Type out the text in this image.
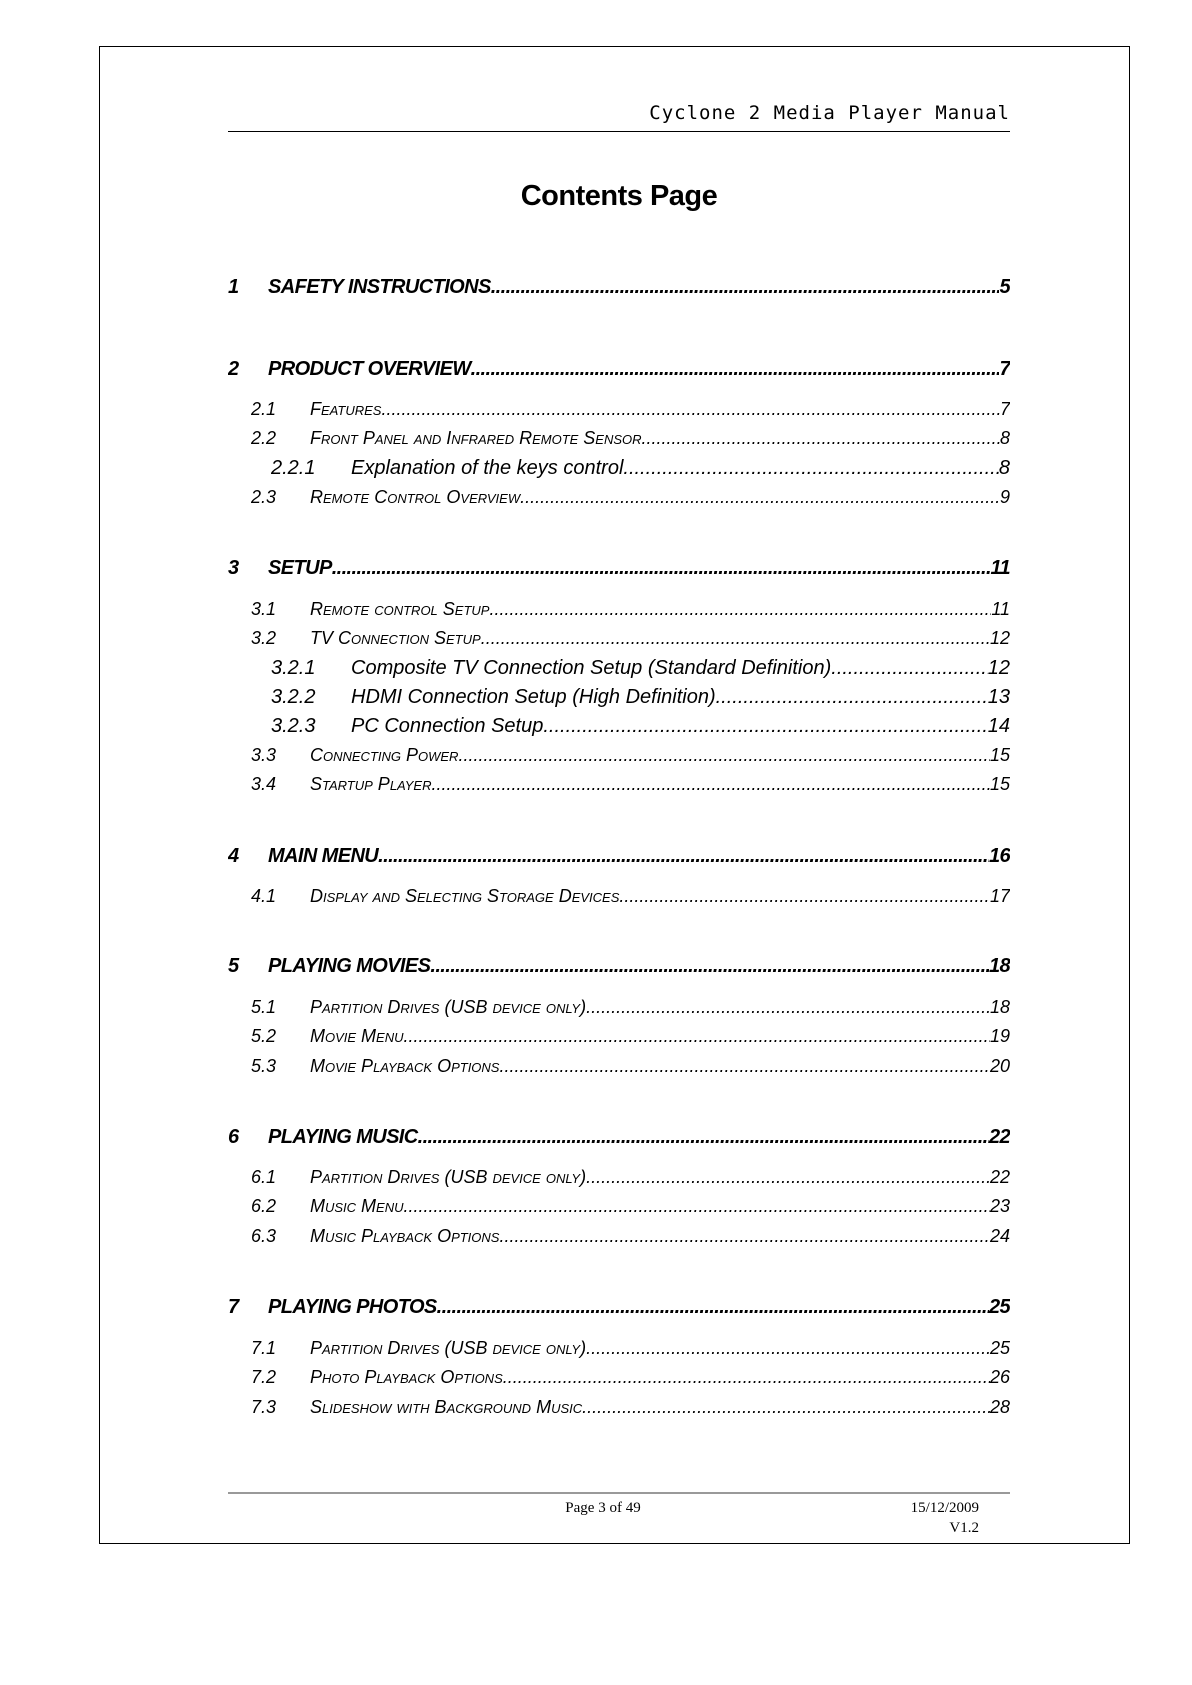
Cyclone 2 Media Player Manual
Contents Page
1	SAFETY INSTRUCTIONS .....	5
2	PRODUCT OVERVIEW .....	7
2.1	Features .....	7
2.2	Front Panel and Infrared Remote Sensor .....	8
2.2.1	Explanation of the keys control .....	8
2.3	Remote Control Overview .....	9
3	SETUP .....	11
3.1	Remote control Setup .....	11
3.2	TV Connection Setup .....	12
3.2.1	Composite TV Connection Setup (Standard Definition) .....	12
3.2.2	HDMI Connection Setup (High Definition) .....	13
3.2.3	PC Connection Setup .....	14
3.3	Connecting Power .....	15
3.4	Startup Player .....	15
4	MAIN MENU .....	16
4.1	Display and Selecting Storage Devices .....	17
5	PLAYING MOVIES .....	18
5.1	Partition Drives (USB device only) .....	18
5.2	Movie Menu .....	19
5.3	Movie Playback Options .....	20
6	PLAYING MUSIC .....	22
6.1	Partition Drives (USB device only) .....	22
6.2	Music Menu .....	23
6.3	Music Playback Options .....	24
7	PLAYING PHOTOS .....	25
7.1	Partition Drives (USB device only) .....	25
7.2	Photo Playback Options .....	26
7.3	Slideshow with Background Music .....	28
Page 3 of 49	15/12/2009
V1.2
